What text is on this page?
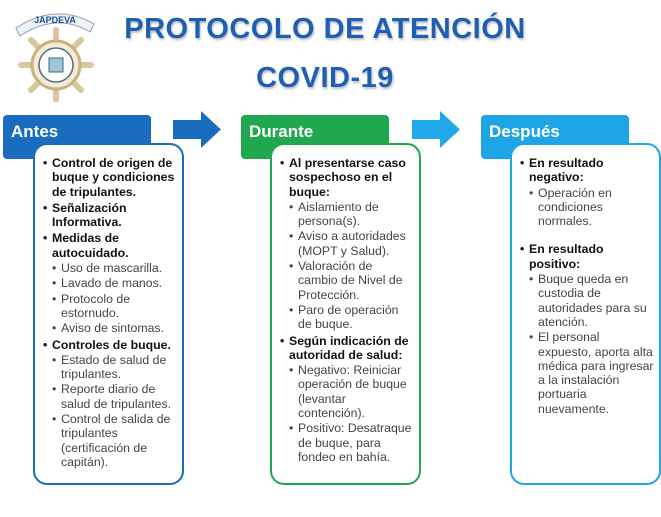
JAPDEVA	PROTOCOLO DE ATENCIÓN
COVID-19
Antes	Durante	Después
• Control de origen de buque y condiciones de tripulantes.
• Señalización Informativa.
• Medidas de autocuidado.
• Uso de mascarilla.
• Lavado de manos.
• Protocolo de estornudo.
• Aviso de sintomas.
• Controles de buque.
• Estado de salud de tripulantes.
• Reporte diario de salud de tripulantes.
• Control de salida de tripulantes (certificación de capitán).
• Al presentarse caso sospechoso en el buque:
• Aislamiento de persona(s).
• Aviso a autoridades (MOPT y Salud).
• Valoración de cambio de Nivel de Protección.
• Paro de operación de buque.
• Según indicación de autoridad de salud:
• Negativo: Reiniciar operación de buque (levantar contención).
• Positivo: Desatraque de buque, para fondeo en bahía.
• En resultado negativo:
• Operación en condiciones normales.
• En resultado positivo:
• Buque queda en custodia de autoridades para su atención.
• El personal expuesto, aporta alta médica para ingresar a la instalación portuaria nuevamente.
